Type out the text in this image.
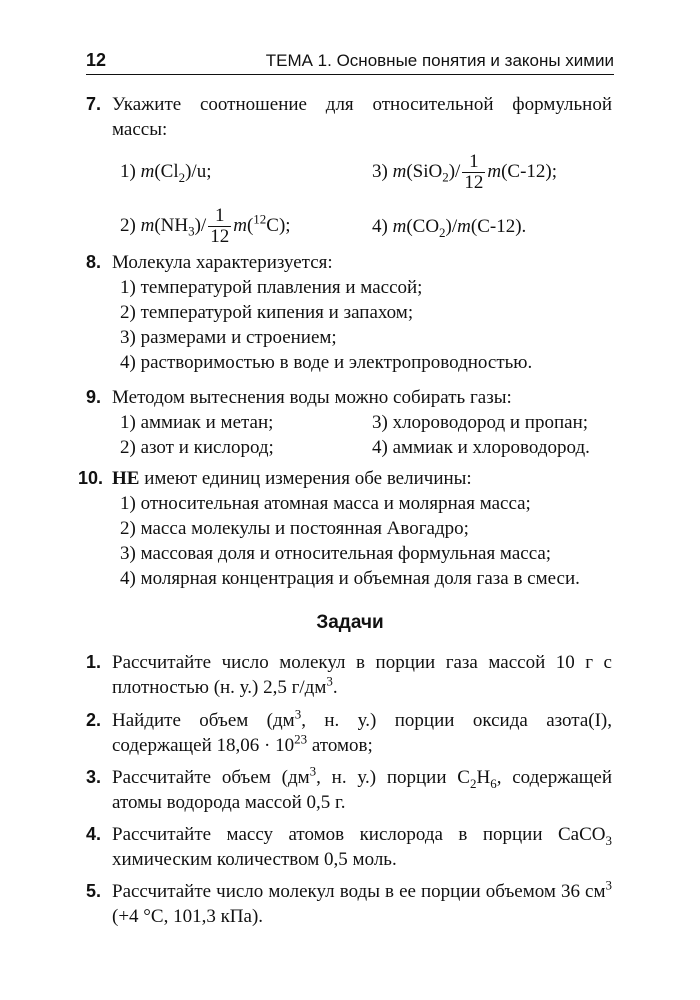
12	ТЕМА 1. Основные понятия и законы химии
7. Укажите соотношение для относительной формульной массы:
1) $m(Cl_2)/u$;	3) $m(SiO_2)/ \frac{1}{12} m(C-12)$;
2) $m(NH_3)/ \frac{1}{12} m(^{12}C)$;	4) $m(CO_2)/m(C-12)$.
8. Молекула характеризуется:
1) температурой плавления и массой;
2) температурой кипения и запахом;
3) размерами и строением;
4) растворимостью в воде и электропроводностью.
9. Методом вытеснения воды можно собирать газы:
1) аммиак и метан;	3) хлороводород и пропан;
2) азот и кислород;	4) аммиак и хлороводород.
10. НЕ имеют единиц измерения обе величины:
1) относительная атомная масса и молярная масса;
2) масса молекулы и постоянная Авогадро;
3) массовая доля и относительная формульная масса;
4) молярная концентрация и объемная доля газа в смеси.
Задачи
1. Рассчитайте число молекул в порции газа массой 10 г с плотностью (н. у.) 2,5 $г/дм^3$.
2. Найдите объем ($дм^3$, н. у.) порции оксида азота(I), содержащей $18,06 \cdot 10^{23}$ атомов;
3. Рассчитайте объем ($дм^3$, н. у.) порции $C_2H_6$, содержащей атомы водорода массой 0,5 г.
4. Рассчитайте массу атомов кислорода в порции CaCO$_3$ химическим количеством 0,5 моль.
5. Рассчитайте число молекул воды в ее порции объемом 36 $см^3$ (+4 °C, 101,3 кПа).
